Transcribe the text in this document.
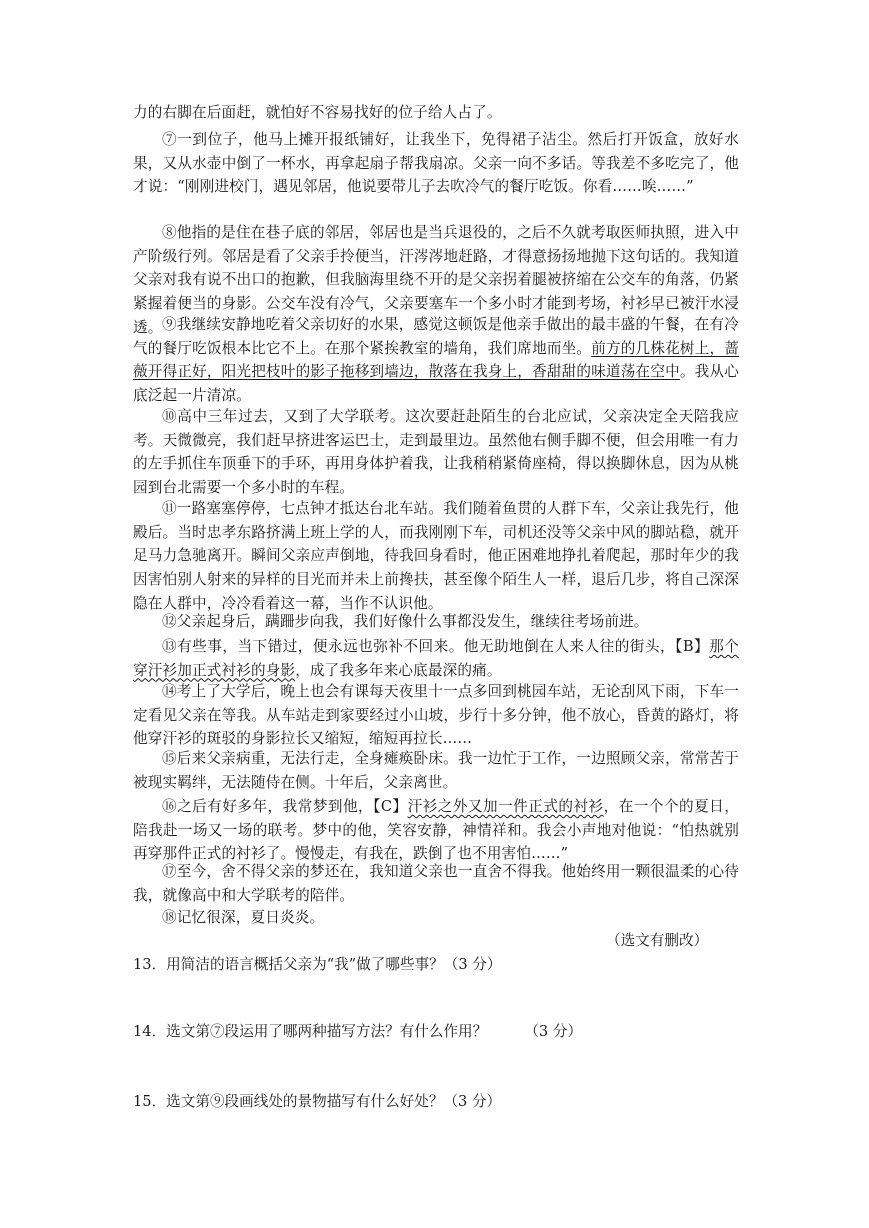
力的右脚在后面赶，就怕好不容易找好的位子给人占了。

⑦一到位子，他马上摊开报纸铺好，让我坐下，免得裙子沾尘。然后打开饭盒，放好水果，又从水壶中倒了一杯水，再拿起扇子帮我扇凉。父亲一向不多话。等我差不多吃完了，他才说：“刚刚进校门，遇见邻居，他说要带儿子去吹冷气的餐厅吃饭。你看……唉……”

⑧他指的是住在巷子底的邻居，邻居也是当兵退役的，之后不久就考取医师执照，进入中产阶级行列。邻居是看了父亲手拎便当，汗涔涔地赶路，才得意扬扬地抛下这句话的。我知道父亲对我有说不出口的抱歉，但我脑海里绕不开的是父亲拐着腿被挤缩在公交车的角落，仍紧紧握着便当的身影。公交车没有冷气，父亲要塞车一个多小时才能到考场，衬衫早已被汗水浸透。 ⑨我继续安静地吃着父亲切好的水果，感觉这顿饭是他亲手做出的最丰盛的午餐，在有冷气的餐厅吃饭根本比它不上。在那个紧挨教室的墙角，我们席地而坐。前方的几株花树上，蔷薇开得正好，阳光把枝叶的影子拖移到墙边，散落在我身上，香甜甜的味道荡在空中。我从心底泛起一片清凉。

⑩高中三年过去，又到了大学联考。这次要赶赴陌生的台北应试，父亲决定全天陪我应考。天微微亮，我们赶早挤进客运巴士，走到最里边。虽然他右侧手脚不便，但会用唯一有力的左手抓住车顶垂下的手环，再用身体护着我，让我稍稍紧倚座椅，得以换脚休息，因为从桃园到台北需要一个多小时的车程。

⑪一路塞塞停停，七点钟才抵达台北车站。我们随着鱼贯的人群下车，父亲让我先行，他殿后。当时忠孝东路挤满上班上学的人，而我刚刚下车，司机还没等父亲中风的脚站稳，就开足马力急驰离开。瞬间父亲应声倒地，待我回身看时，他正困难地挣扎着爬起，那时年少的我因害怕别人射来的异样的目光而并未上前搀扶，甚至像个陌生人一样，退后几步，将自己深深隐在人群中，冷冷看着这一幕，当作不认识他。

⑫父亲起身后，蹒跚步向我，我们好像什么事都没发生，继续往考场前进。

⑬有些事，当下错过，便永远也弥补不回来。他无助地倒在人来人往的街头，【B】那个穿汗衫加正式衬衫的身影，成了我多年来心底最深的痛。

⑭考上了大学后，晚上也会有课每天夜里十一点多回到桃园车站，无论刮风下雨，下车一定看见父亲在等我。从车站走到家要经过小山坡，步行十多分钟，他不放心，昏黄的路灯，将他穿汗衫的斑驳的身影拉长又缩短，缩短再拉长……

⑮后来父亲病重，无法行走，全身瘫痪卧床。我一边忙于工作，一边照顾父亲，常常苦于被现实羁绊，无法随侍在侧。十年后，父亲离世。

⑯之后有好多年，我常梦到他，【C】汗衫之外又加一件正式的衬衫，在一个个的夏日，陪我赴一场又一场的联考。梦中的他，笑容安静，神情祥和。我会小声地对他说：“怕热就别再穿那件正式的衬衫了。慢慢走，有我在，跌倒了也不用害怕……”

⑰至今，舍不得父亲的梦还在，我知道父亲也一直舍不得我。他始终用一颗很温柔的心待我，就像高中和大学联考的陪伴。

⑱记忆很深，夏日炎炎。

（选文有删改）

13．用简洁的语言概括父亲为“我”做了哪些事？（3 分）

14．选文第⑦段运用了哪两种描写方法？有什么作用？        （3 分）

15．选文第⑨段画线处的景物描写有什么好处？（3 分）
